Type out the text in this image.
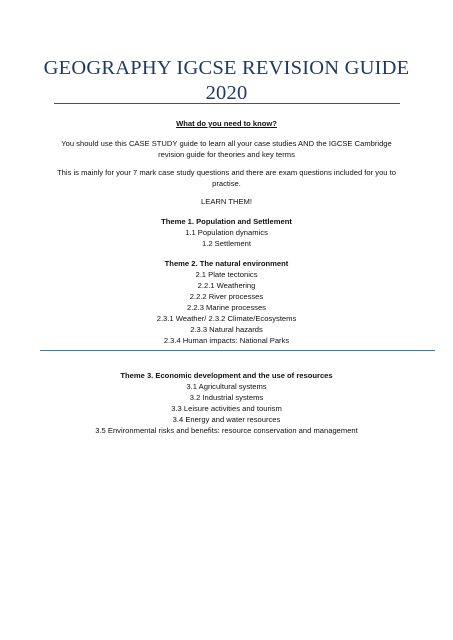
GEOGRAPHY IGCSE REVISION GUIDE
2020
What do you need to know?
You should use this CASE STUDY guide to learn all your case studies AND the IGCSE Cambridge
revision guide for theories and key terms
This is mainly for your 7 mark case study questions and there are exam questions included for you to
practise.
LEARN THEM!
Theme 1. Population and Settlement
1.1 Population dynamics
1.2 Settlement
Theme 2. The natural environment
2.1 Plate tectonics
2.2.1 Weathering
2.2.2 River processes
2.2.3 Marine processes
2.3.1 Weather/ 2.3.2 Climate/Ecosystems
2.3.3 Natural hazards
2.3.4 Human impacts: National Parks
Theme 3. Economic development and the use of resources
3.1 Agricultural systems
3.2 Industrial systems
3.3 Leisure activities and tourism
3.4 Energy and water resources
3.5 Environmental risks and benefits: resource conservation and management
